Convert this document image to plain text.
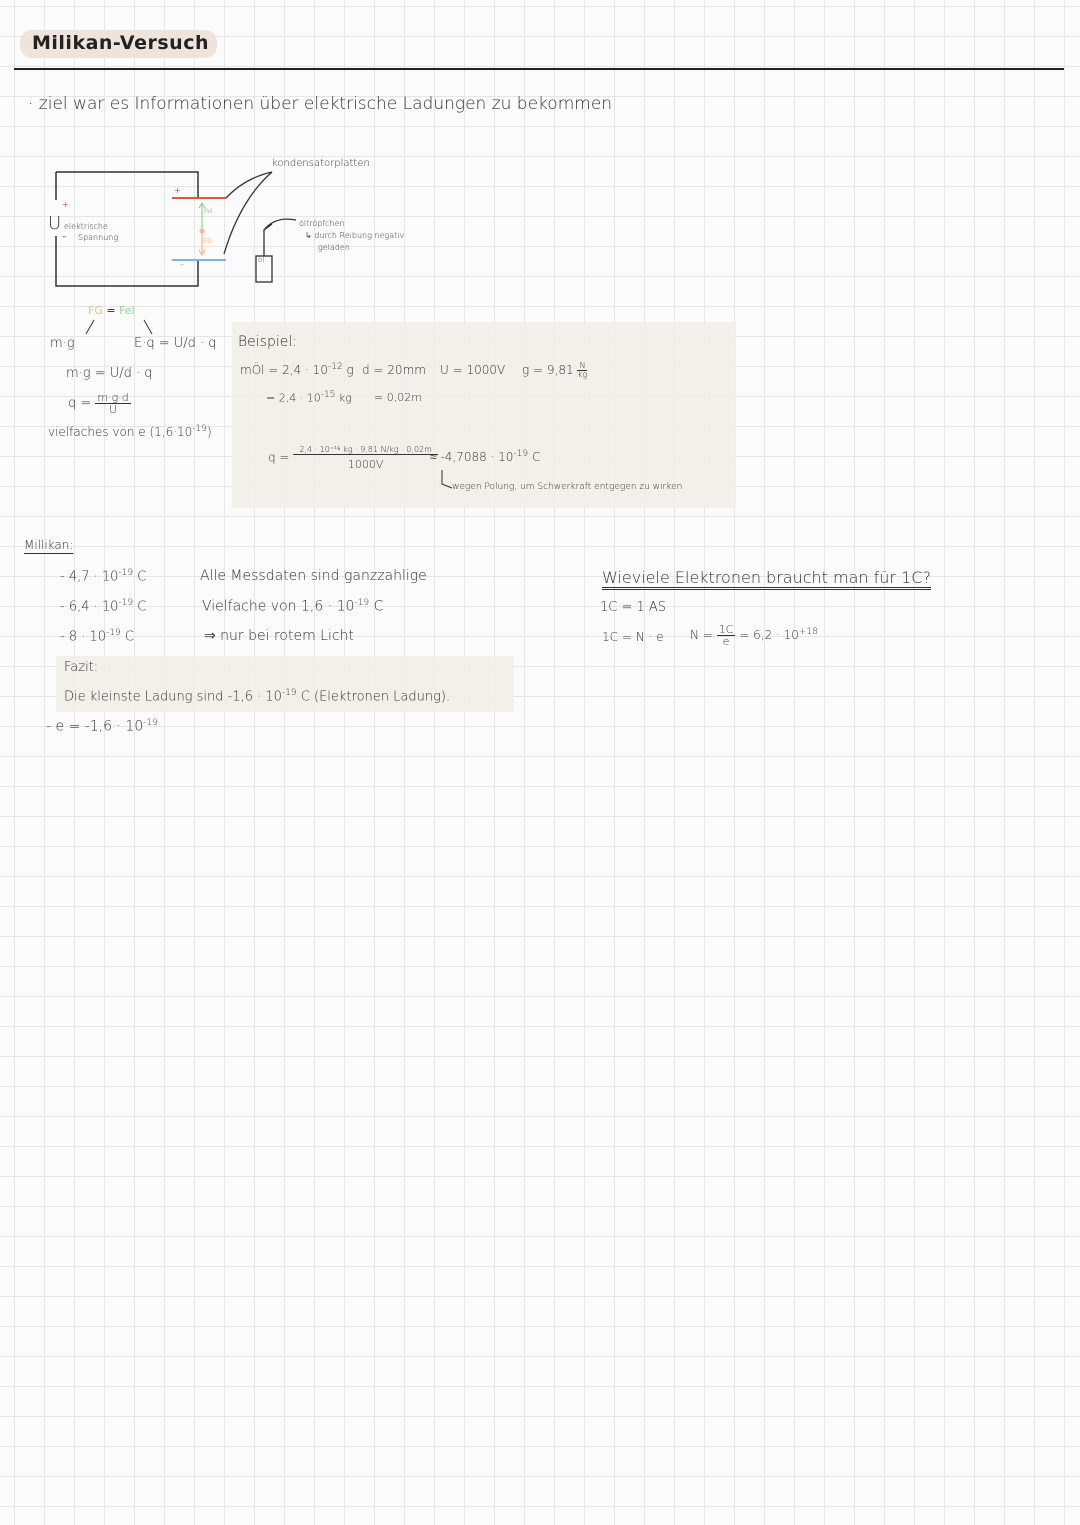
Milikan-Versuch
· ziel war es Informationen über elektrische Ladungen zu bekommen
kondensatorplatten
U elektrische
Spannung
+
–
+
–
Fel
FG
öltröpfchen
↳ durch Reibung negativ
geladen
öl
FG = Fel
m·g	E·q = U/d · q
m·g = U/d · q
$q = \frac{m\cdot g\cdot d}{U}$
vielfaches von e $(1,6\cdot 10^{-19})$
Beispiel:
mÖl = $2,4 \cdot 10^{-12}$ g d = 20mm U = 1000V $g = 9,81 \frac{N}{kg}$
= $2,4 \cdot 10^{-15}$ kg = 0,02m
$q = \frac{\text{2,4 · 10⁻¹⁵ kg · 9,81 N/kg · 0,02m}}{1000V}$
≈ $-4,7088 \cdot 10^{-19}$ C
wegen Polung, um Schwerkraft entgegen zu wirken
Millikan:
- $4,7 \cdot 10^{-19}$ C
- $6,4 \cdot 10^{-19}$ C
- $8 \cdot 10^{-19}$ C
Alle Messdaten sind ganzzahlige
Vielfache von $1,6 \cdot 10^{-19}$ C
⇒ nur bei rotem Licht
Fazit:
Die kleinste Ladung sind $-1,6 \cdot 10^{-19}$ C (Elektronen Ladung).
- $e = -1,6 \cdot 10^{-19}$
Wieviele Elektronen braucht man für 1C?
1C = 1 AS
1C = N · e $N = \frac{1C}{e} = 6,2 \cdot 10^{+18}$
